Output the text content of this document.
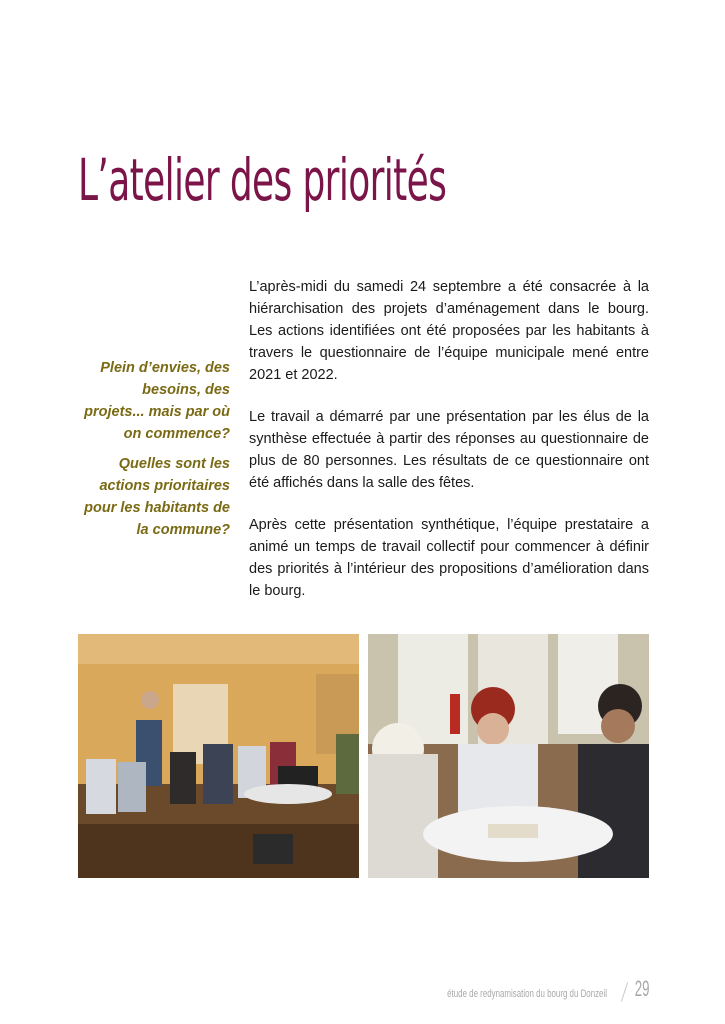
L’atelier des priorités

Plein d’envies, des besoins, des projets... mais par où on commence?

Quelles sont les actions prioritaires pour les habitants de la commune?

L’après-midi du samedi 24 septembre a été consacrée à la hiérarchisation des projets d’aménagement dans le bourg. Les actions identifiées ont été proposées par les habitants à travers le questionnaire de l’équipe municipale mené entre 2021 et 2022.

Le travail a démarré par une présentation par les élus de la synthèse effectuée à partir des réponses au questionnaire de plus de 80 personnes. Les résultats de ce questionnaire ont été affichés dans la salle des fêtes.

Après cette présentation synthétique, l’équipe prestataire a animé un temps de travail collectif pour commencer à définir des priorités à l’intérieur des propositions d’amélioration dans le bourg.

étude de redynamisation du bourg du Donzeil 29
